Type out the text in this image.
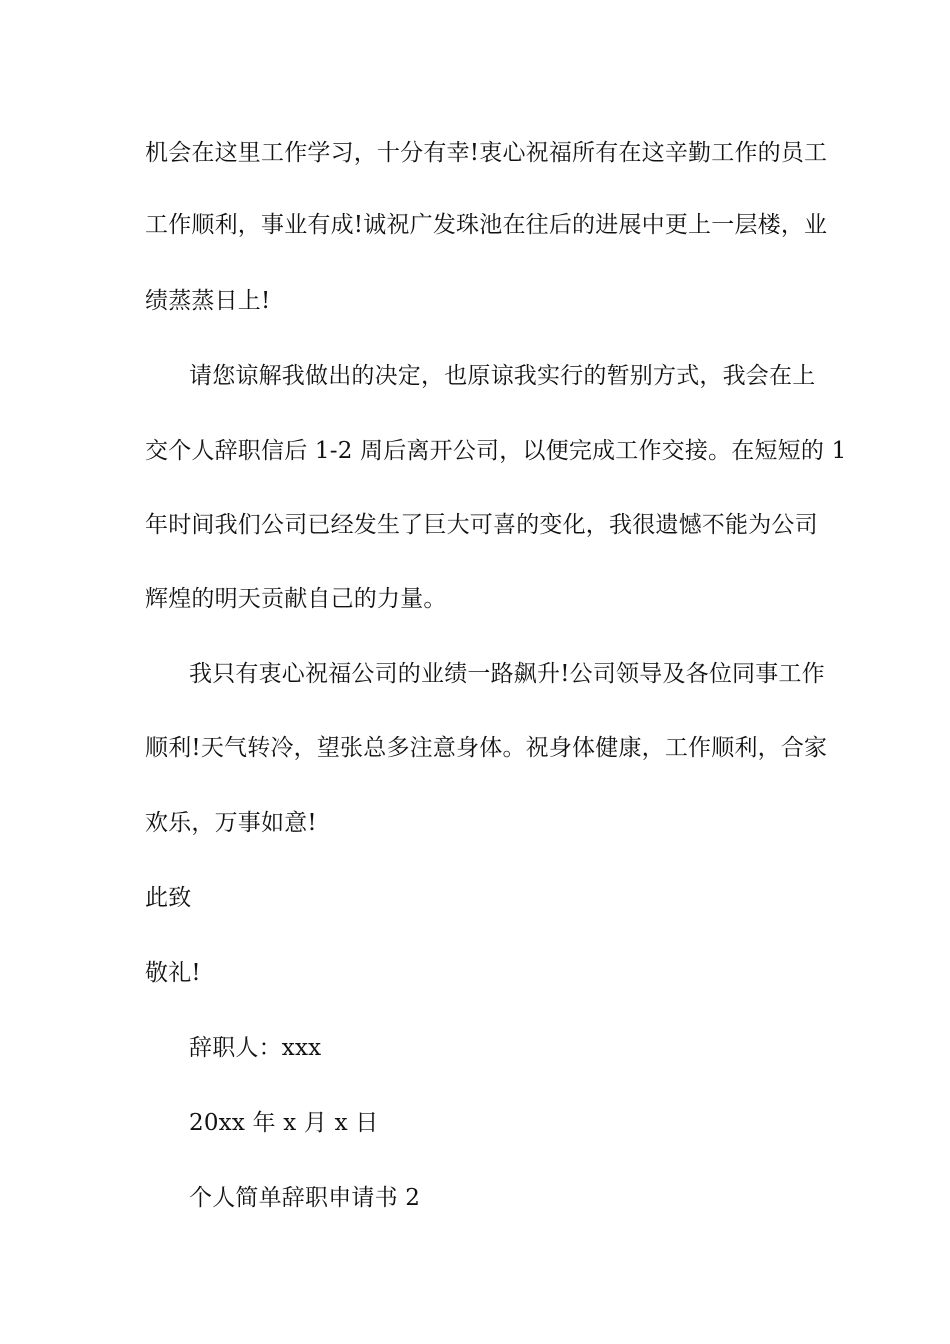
机会在这里工作学习，十分有幸!衷心祝福所有在这辛勤工作的员工
工作顺利，事业有成!诚祝广发珠池在往后的进展中更上一层楼，业
绩蒸蒸日上!
请您谅解我做出的决定，也原谅我实行的暂别方式，我会在上
交个人辞职信后 1-2 周后离开公司，以便完成工作交接。在短短的 1
年时间我们公司已经发生了巨大可喜的变化，我很遗憾不能为公司
辉煌的明天贡献自己的力量。
我只有衷心祝福公司的业绩一路飙升!公司领导及各位同事工作
顺利!天气转冷，望张总多注意身体。祝身体健康，工作顺利，合家
欢乐，万事如意!
此致
敬礼!
辞职人：xxx
20xx 年 x 月 x 日
个人简单辞职申请书 2
